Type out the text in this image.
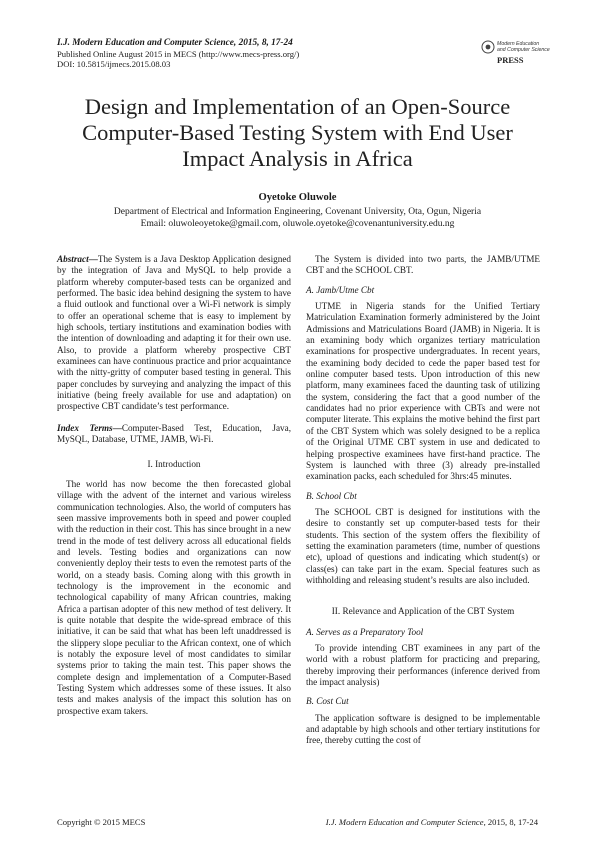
I.J. Modern Education and Computer Science, 2015, 8, 17-24
Published Online August 2015 in MECS (http://www.mecs-press.org/)
DOI: 10.5815/ijmecs.2015.08.03
Modern Education
and Computer Science
PRESS
Design and Implementation of an Open-Source
Computer-Based Testing System with End User
Impact Analysis in Africa
Oyetoke Oluwole
Department of Electrical and Information Engineering, Covenant University, Ota, Ogun, Nigeria
Email: oluwoleoyetoke@gmail.com, oluwole.oyetoke@covenantuniversity.edu.ng

Abstract—The System is a Java Desktop Application designed by the integration of Java and MySQL to help provide a platform whereby computer-based tests can be organized and performed. The basic idea behind designing the system to have a fluid outlook and functional over a Wi-Fi network is simply to offer an operational scheme that is easy to implement by high schools, tertiary institutions and examination bodies with the intention of downloading and adapting it for their own use. Also, to provide a platform whereby prospective CBT examinees can have continuous practice and prior acquaintance with the nitty-gritty of computer based testing in general. This paper concludes by surveying and analyzing the impact of this initiative (being freely available for use and adaptation) on prospective CBT candidate’s test performance.

Index Terms—Computer-Based Test, Education, Java, MySQL, Database, UTME, JAMB, Wi-Fi.

I. Introduction

The world has now become the then forecasted global village with the advent of the internet and various wireless communication technologies. Also, the world of computers has seen massive improvements both in speed and power coupled with the reduction in their cost. This has since brought in a new trend in the mode of test delivery across all educational fields and levels. Testing bodies and organizations can now conveniently deploy their tests to even the remotest parts of the world, on a steady basis. Coming along with this growth in technology is the improvement in the economic and technological capability of many African countries, making Africa a partisan adopter of this new method of test delivery. It is quite notable that despite the wide-spread embrace of this initiative, it can be said that what has been left unaddressed is the slippery slope peculiar to the African context, one of which is notably the exposure level of most candidates to similar systems prior to taking the main test. This paper shows the complete design and implementation of a Computer-Based Testing System which addresses some of these issues. It also tests and makes analysis of the impact this solution has on prospective exam takers.

The System is divided into two parts, the JAMB/UTME CBT and the SCHOOL CBT.

A. Jamb/Utme Cbt

UTME in Nigeria stands for the Unified Tertiary Matriculation Examination formerly administered by the Joint Admissions and Matriculations Board (JAMB) in Nigeria. It is an examining body which organizes tertiary matriculation examinations for prospective undergraduates. In recent years, the examining body decided to cede the paper based test for online computer based tests. Upon introduction of this new platform, many examinees faced the daunting task of utilizing the system, considering the fact that a good number of the candidates had no prior experience with CBTs and were not computer literate. This explains the motive behind the first part of the CBT System which was solely designed to be a replica of the Original UTME CBT system in use and dedicated to helping prospective examinees have first-hand practice. The System is launched with three (3) already pre-installed examination packs, each scheduled for 3hrs:45 minutes.

B. School Cbt

The SCHOOL CBT is designed for institutions with the desire to constantly set up computer-based tests for their students. This section of the system offers the flexibility of setting the examination parameters (time, number of questions etc), upload of questions and indicating which student(s) or class(es) can take part in the exam. Special features such as withholding and releasing student’s results are also included.

II. Relevance and Application of the CBT System
A. Serves as a Preparatory Tool

To provide intending CBT examinees in any part of the world with a robust platform for practicing and preparing, thereby improving their performances (inference derived from the impact analysis)

B. Cost Cut

The application software is designed to be implementable and adaptable by high schools and other tertiary institutions for free, thereby cutting the cost of

Copyright © 2015 MECS	I.J. Modern Education and Computer Science, 2015, 8, 17-24
